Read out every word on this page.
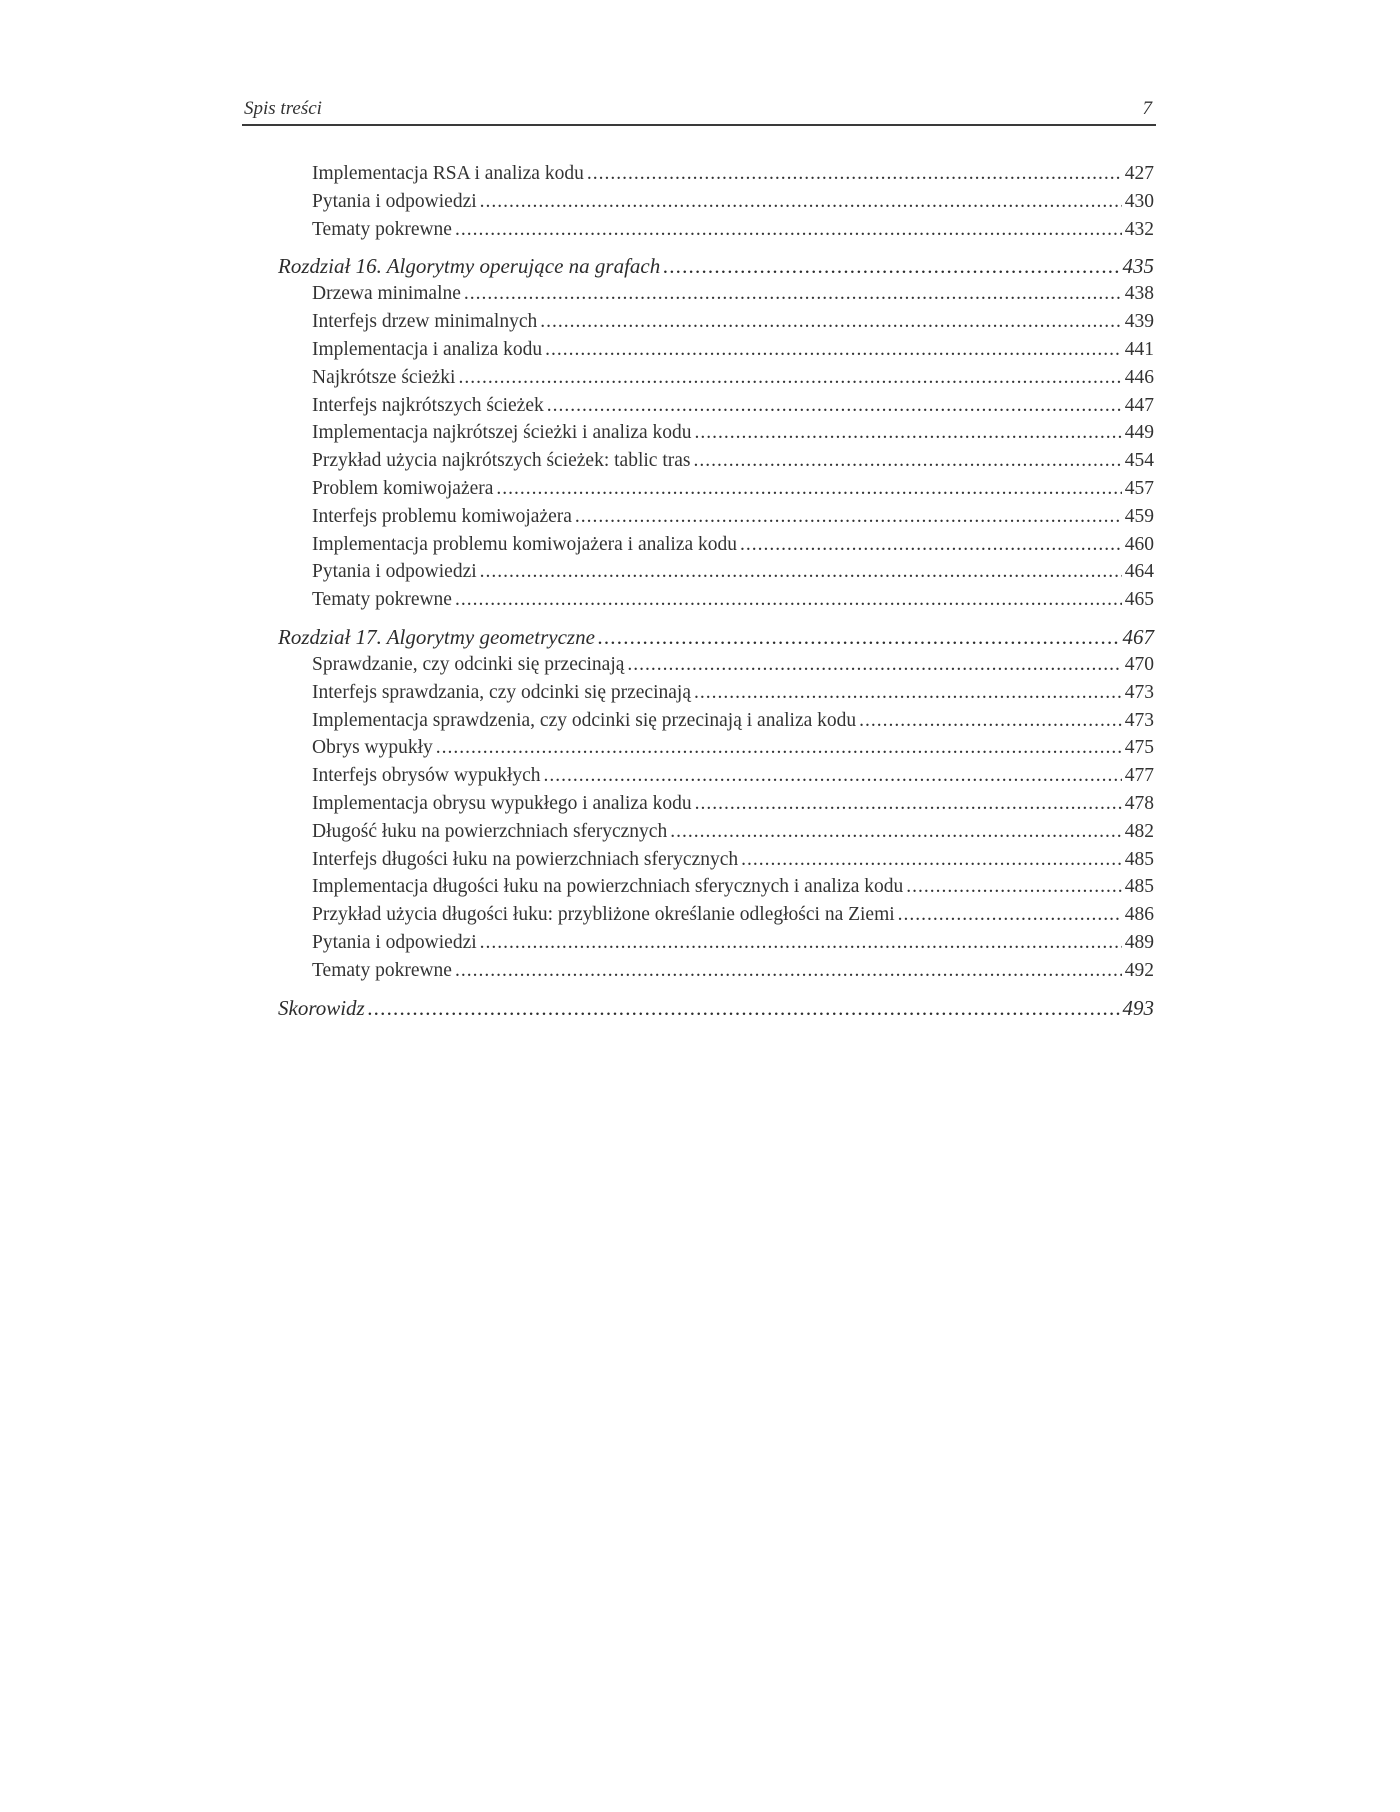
Spis treści	7
Implementacja RSA i analiza kodu .....	427
Pytania i odpowiedzi .....	430
Tematy pokrewne .....	432
Rozdział 16. Algorytmy operujące na grafach .....	435
Drzewa minimalne .....	438
Interfejs drzew minimalnych .....	439
Implementacja i analiza kodu .....	441
Najkrótsze ścieżki .....	446
Interfejs najkrótszych ścieżek .....	447
Implementacja najkrótszej ścieżki i analiza kodu .....	449
Przykład użycia najkrótszych ścieżek: tablic tras .....	454
Problem komiwojażera .....	457
Interfejs problemu komiwojażera .....	459
Implementacja problemu komiwojażera i analiza kodu .....	460
Pytania i odpowiedzi .....	464
Tematy pokrewne .....	465
Rozdział 17. Algorytmy geometryczne .....	467
Sprawdzanie, czy odcinki się przecinają .....	470
Interfejs sprawdzania, czy odcinki się przecinają .....	473
Implementacja sprawdzenia, czy odcinki się przecinają i analiza kodu .....	473
Obrys wypukły .....	475
Interfejs obrysów wypukłych .....	477
Implementacja obrysu wypukłego i analiza kodu .....	478
Długość łuku na powierzchniach sferycznych .....	482
Interfejs długości łuku na powierzchniach sferycznych .....	485
Implementacja długości łuku na powierzchniach sferycznych i analiza kodu .....	485
Przykład użycia długości łuku: przybliżone określanie odległości na Ziemi .....	486
Pytania i odpowiedzi .....	489
Tematy pokrewne .....	492
Skorowidz .....	493
